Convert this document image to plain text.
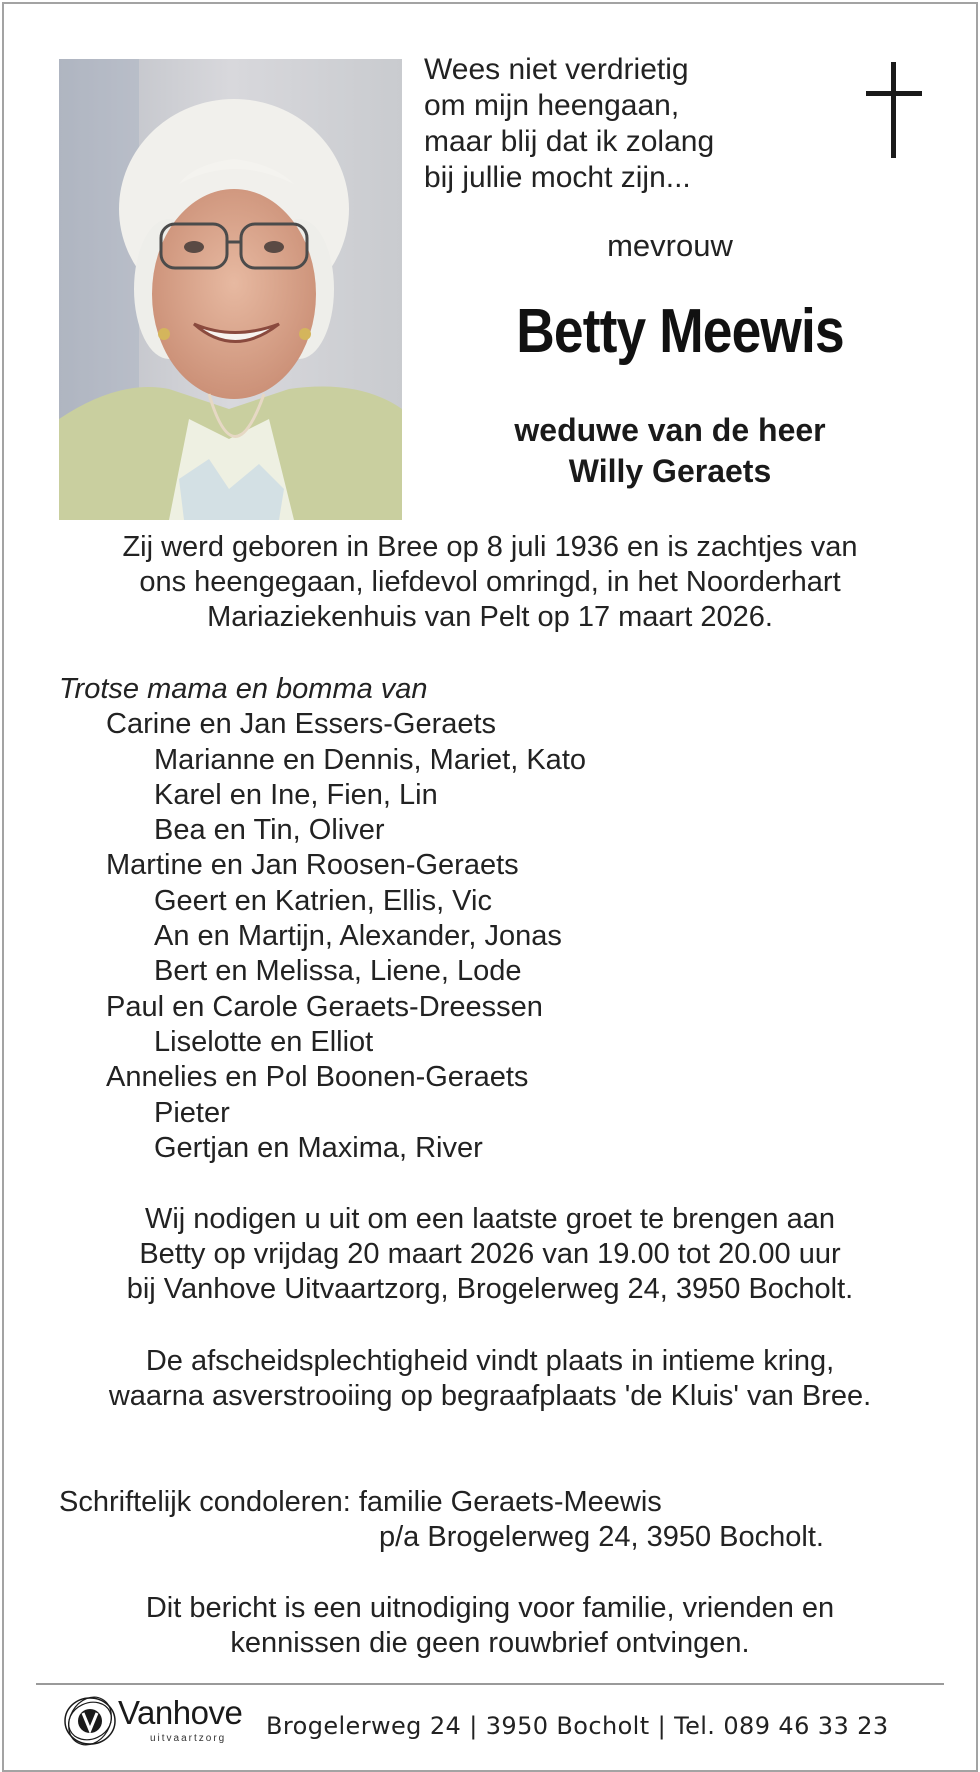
Wees niet verdrietig
om mijn heengaan,
maar blij dat ik zolang
bij jullie mocht zijn...
mevrouw
Betty Meewis
weduwe van de heer
Willy Geraets
Zij werd geboren in Bree op 8 juli 1936 en is zachtjes van
ons heengegaan, liefdevol omringd, in het Noorderhart
Mariaziekenhuis van Pelt op 17 maart 2026.
Trotse mama en bomma van
Carine en Jan Essers-Geraets
Marianne en Dennis, Mariet, Kato
Karel en Ine, Fien, Lin
Bea en Tin, Oliver
Martine en Jan Roosen-Geraets
Geert en Katrien, Ellis, Vic
An en Martijn, Alexander, Jonas
Bert en Melissa, Liene, Lode
Paul en Carole Geraets-Dreessen
Liselotte en Elliot
Annelies en Pol Boonen-Geraets
Pieter
Gertjan en Maxima, River
Wij nodigen u uit om een laatste groet te brengen aan
Betty op vrijdag 20 maart 2026 van 19.00 tot 20.00 uur
bij Vanhove Uitvaartzorg, Brogelerweg 24, 3950 Bocholt.
De afscheidsplechtigheid vindt plaats in intieme kring,
waarna asverstrooiing op begraafplaats 'de Kluis' van Bree.
Schriftelijk condoleren: familie Geraets-Meewis
p/a Brogelerweg 24, 3950 Bocholt.
Dit bericht is een uitnodiging voor familie, vrienden en
kennissen die geen rouwbrief ontvingen.
Vanhove
uitvaartzorg Brogelerweg 24 | 3950 Bocholt | Tel. 089 46 33 23
